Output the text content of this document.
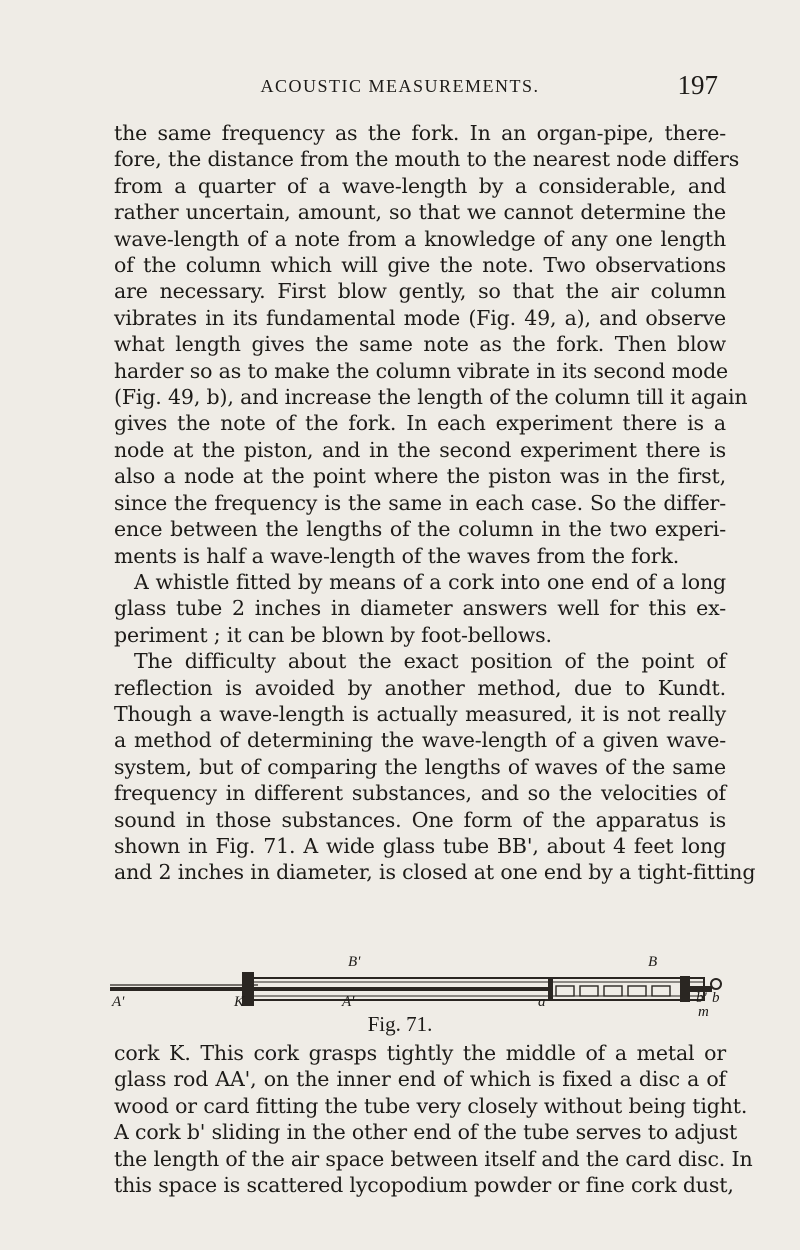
ACOUSTIC MEASUREMENTS.	197
the same frequency as the fork. In an organ-pipe, there-
fore, the distance from the mouth to the nearest node differs
from a quarter of a wave-length by a considerable, and
rather uncertain, amount, so that we cannot determine the
wave-length of a note from a knowledge of any one length
of the column which will give the note. Two observations
are necessary. First blow gently, so that the air column
vibrates in its fundamental mode (Fig. 49, a), and observe
what length gives the same note as the fork. Then blow
harder so as to make the column vibrate in its second mode
(Fig. 49, b), and increase the length of the column till it again
gives the note of the fork. In each experiment there is a
node at the piston, and in the second experiment there is
also a node at the point where the piston was in the first,
since the frequency is the same in each case. So the differ-
ence between the lengths of the column in the two experi-
ments is half a wave-length of the waves from the fork.
A whistle fitted by means of a cork into one end of a long
glass tube 2 inches in diameter answers well for this ex-
periment ; it can be blown by foot-bellows.
The difficulty about the exact position of the point of
reflection is avoided by another method, due to Kundt.
Though a wave-length is actually measured, it is not really
a method of determining the wave-length of a given wave-
system, but of comparing the lengths of waves of the same
frequency in different substances, and so the velocities of
sound in those substances. One form of the apparatus is
shown in Fig. 71. A wide glass tube BB', about 4 feet long
and 2 inches in diameter, is closed at one end by a tight-fitting
B'	B
A'	K	A'	a
m
b' b
Fig. 71.
cork K. This cork grasps tightly the middle of a metal or
glass rod AA', on the inner end of which is fixed a disc a of
wood or card fitting the tube very closely without being tight.
A cork b' sliding in the other end of the tube serves to adjust
the length of the air space between itself and the card disc. In
this space is scattered lycopodium powder or fine cork dust,
